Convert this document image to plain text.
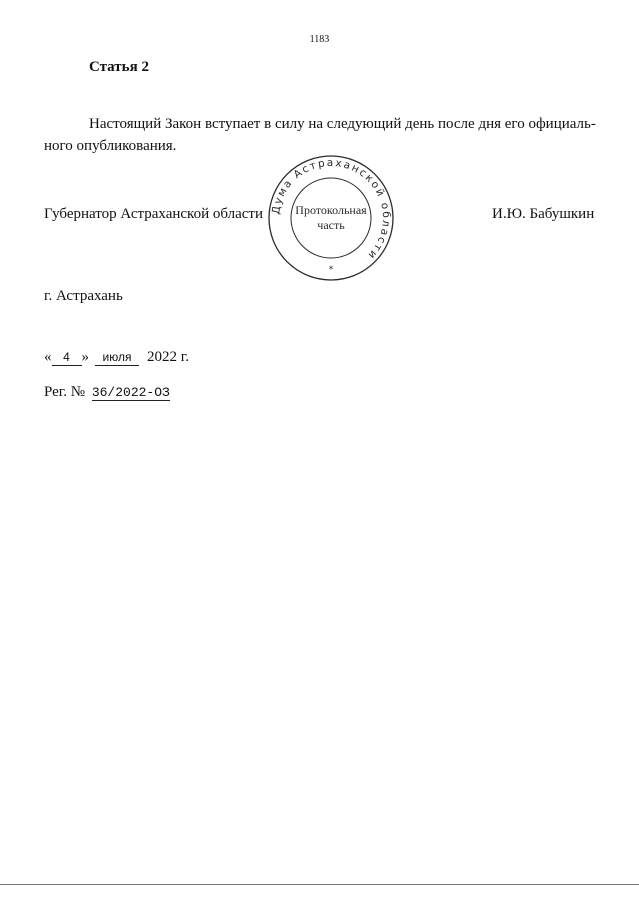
1183
Статья 2
Настоящий Закон вступает в силу на следующий день после дня его официаль-
ного опубликования.
Губернатор Астраханской области Дума Астраханской области
Протокольная
часть
*
И.Ю. Бабушкин
г. Астрахань
« 4 » июля 2022 г.
Рег. № 36/2022-ОЗ
